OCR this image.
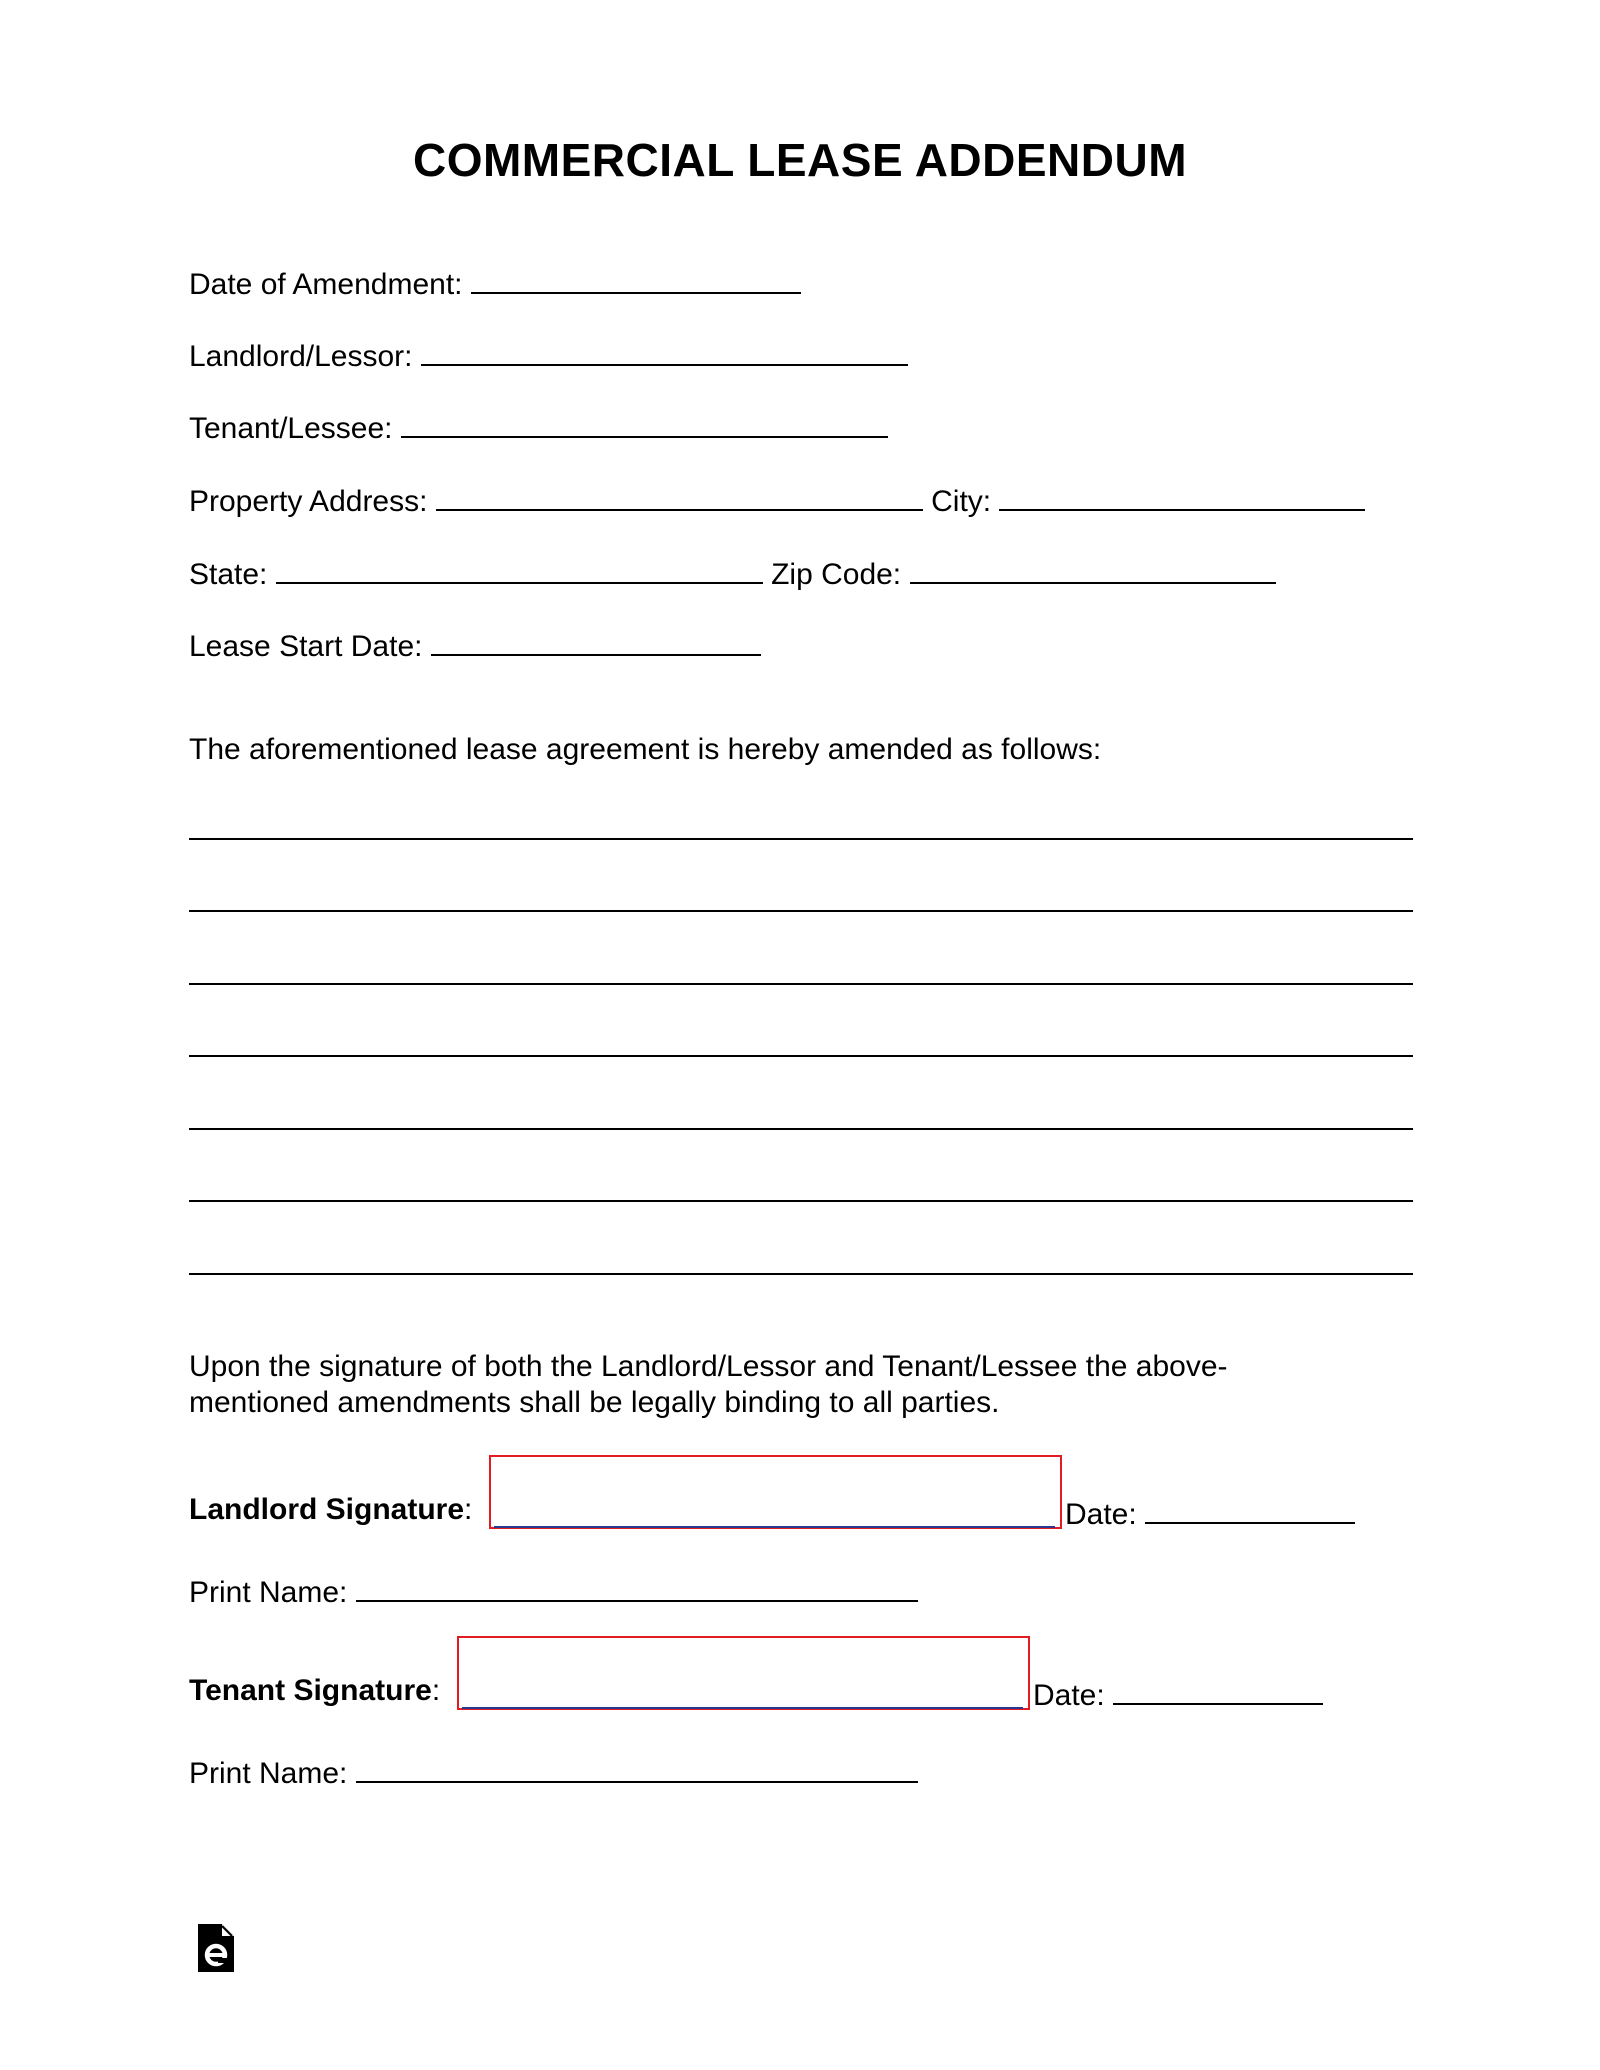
COMMERCIAL LEASE ADDENDUM
Date of Amendment:
Landlord/Lessor:
Tenant/Lessee:
Property Address:	City:
State:	Zip Code:
Lease Start Date:
The aforementioned lease agreement is hereby amended as follows:
Upon the signature of both the Landlord/Lessor and Tenant/Lessee the above-mentioned amendments shall be legally binding to all parties.
Landlord Signature:	Date:
Print Name:
Tenant Signature:	Date:
Print Name:
